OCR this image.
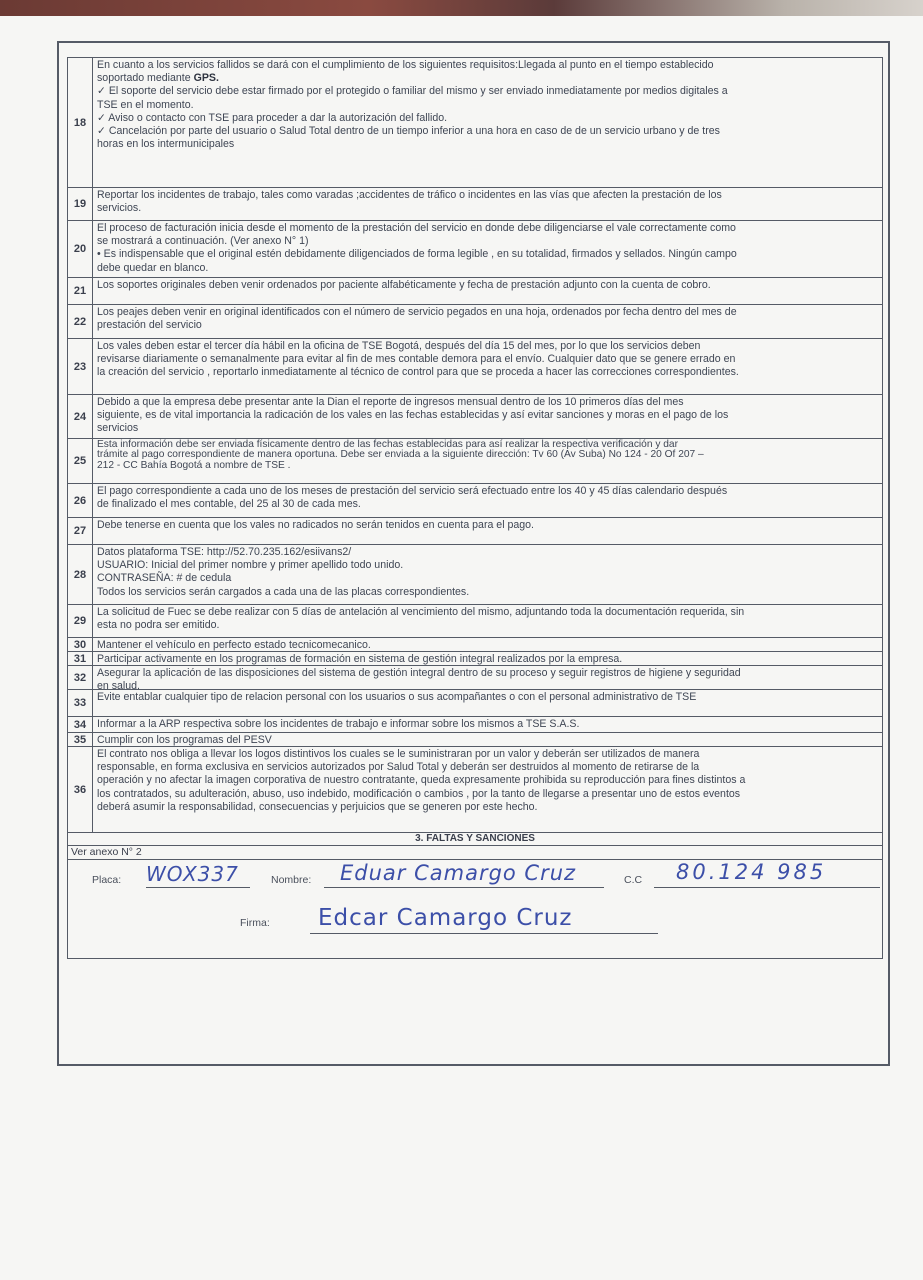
18
En cuanto a los servicios fallidos se dará con el cumplimiento de los siguientes requisitos:Llegada al punto en el tiempo establecido
soportado mediante GPS.
✓ El soporte del servicio debe estar firmado por el protegido o familiar del mismo y ser enviado inmediatamente por medios digitales a
TSE en el momento.
✓ Aviso o contacto con TSE para proceder a dar la autorización del fallido.
✓ Cancelación por parte del usuario o Salud Total dentro de un tiempo inferior a una hora en caso de de un servicio urbano y de tres
horas en los intermunicipales
19
Reportar los incidentes de trabajo, tales como varadas ;accidentes de tráfico o incidentes en las vías que afecten la prestación de los
servicios.
20
El proceso de facturación inicia desde el momento de la prestación del servicio en donde debe diligenciarse el vale correctamente como
se mostrará a continuación. (Ver anexo N° 1)
• Es indispensable que el original estén debidamente diligenciados de forma legible , en su totalidad, firmados y sellados. Ningún campo
debe quedar en blanco.
21	Los soportes originales deben venir ordenados por paciente alfabéticamente y fecha de prestación adjunto con la cuenta de cobro.
22
Los peajes deben venir en original identificados con el número de servicio pegados en una hoja, ordenados por fecha dentro del mes de
prestación del servicio
23
Los vales deben estar el tercer día hábil en la oficina de TSE Bogotá, después del día 15 del mes, por lo que los servicios deben
revisarse diariamente o semanalmente para evitar al fin de mes contable demora para el envío. Cualquier dato que se genere errado en
la creación del servicio , reportarlo inmediatamente al técnico de control para que se proceda a hacer las correcciones correspondientes.
24
Debido a que la empresa debe presentar ante la Dian el reporte de ingresos mensual dentro de los 10 primeros días del mes
siguiente, es de vital importancia la radicación de los vales en las fechas establecidas y así evitar sanciones y moras en el pago de los
servicios
25
Esta información debe ser enviada físicamente dentro de las fechas establecidas para así realizar la respectiva verificación y dar
trámite al pago correspondiente de manera oportuna. Debe ser enviada a la siguiente dirección: Tv 60 (Av Suba) No 124 - 20 Of 207 –
212 - CC Bahía Bogotá a nombre de TSE .
26
El pago correspondiente a cada uno de los meses de prestación del servicio será efectuado entre los 40 y 45 días calendario después
de finalizado el mes contable, del 25 al 30 de cada mes.
27	Debe tenerse en cuenta que los vales no radicados no serán tenidos en cuenta para el pago.
28
Datos plataforma TSE: http://52.70.235.162/esiivans2/
USUARIO: Inicial del primer nombre y primer apellido todo unido.
CONTRASEÑA: # de cedula
Todos los servicios serán cargados a cada una de las placas correspondientes.
29
La solicitud de Fuec se debe realizar con 5 días de antelación al vencimiento del mismo, adjuntando toda la documentación requerida, sin
esta no podra ser emitido.
30	Mantener el vehículo en perfecto estado tecnicomecanico.
31	Participar activamente en los programas de formación en sistema de gestión integral realizados por la empresa.
32	Asegurar la aplicación de las disposiciones del sistema de gestión integral dentro de su proceso y seguir registros de higiene y seguridad
en salud.
33	Evite entablar cualquier tipo de relacion personal con los usuarios o sus acompañantes o con el personal administrativo de TSE
34	Informar a la ARP respectiva sobre los incidentes de trabajo e informar sobre los mismos a TSE S.A.S.
35	Cumplir con los programas del PESV
36
El contrato nos obliga a llevar los logos distintivos los cuales se le suministraran por un valor y deberán ser utilizados de manera
responsable, en forma exclusiva en servicios autorizados por Salud Total y deberán ser destruidos al momento de retirarse de la
operación y no afectar la imagen corporativa de nuestro contratante, queda expresamente prohibida su reproducción para fines distintos a
los contratados, su adulteración, abuso, uso indebido, modificación o cambios , por la tanto de llegarse a presentar uno de estos eventos
deberá asumir la responsabilidad, consecuencias y perjuicios que se generen por este hecho.
3. FALTAS Y SANCIONES
Ver anexo N° 2
Placa: WOX337	Nombre: Eduar Camargo Cruz	C.C 80.124 985
Firma: Edcar Camargo Cruz
